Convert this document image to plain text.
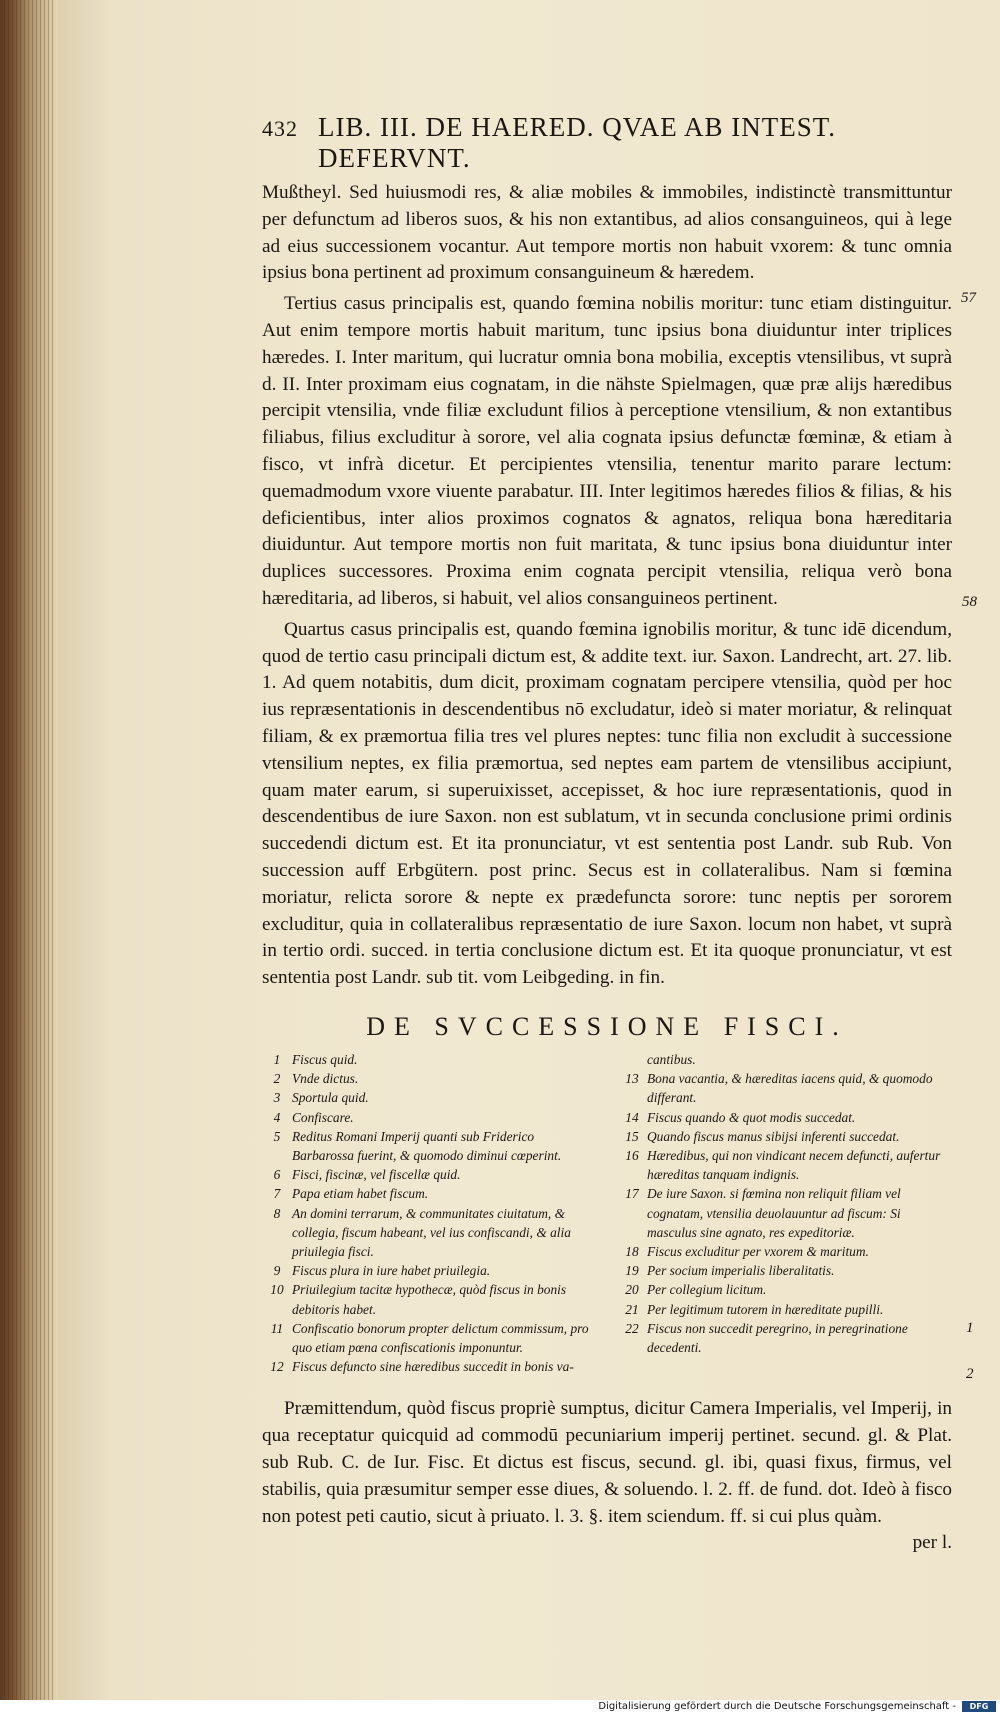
57
58
1
2
432 LIB. III. DE HAERED. QVAE AB INTEST. DEFERVNT.

Mußtheyl. Sed huiusmodi res, & aliæ mobiles & immobiles, indistinctè transmittuntur per defunctum ad liberos suos, & his non extantibus, ad alios consanguineos, qui à lege ad eius successionem vocantur. Aut tempore mortis non habuit vxorem: & tunc omnia ipsius bona pertinent ad proximum consanguineum & hæredem.

Tertius casus principalis est, quando fœmina nobilis moritur: tunc etiam distinguitur. Aut enim tempore mortis habuit maritum, tunc ipsius bona diuiduntur inter triplices hæredes. I. Inter maritum, qui lucratur omnia bona mobilia, exceptis vtensilibus, vt suprà d. II. Inter proximam eius cognatam, in die nähste Spielmagen, quæ præ alijs hæredibus percipit vtensilia, vnde filiæ excludunt filios à perceptione vtensilium, & non extantibus filiabus, filius excluditur à sorore, vel alia cognata ipsius defunctæ fœminæ, & etiam à fisco, vt infrà dicetur. Et percipientes vtensilia, tenentur marito parare lectum: quemadmodum vxore viuente parabatur. III. Inter legitimos hæredes filios & filias, & his deficientibus, inter alios proximos cognatos & agnatos, reliqua bona hæreditaria diuiduntur. Aut tempore mortis non fuit maritata, & tunc ipsius bona diuiduntur inter duplices successores. Proxima enim cognata percipit vtensilia, reliqua verò bona hæreditaria, ad liberos, si habuit, vel alios consanguineos pertinent.

Quartus casus principalis est, quando fœmina ignobilis moritur, & tunc idē dicendum, quod de tertio casu principali dictum est, & addite text. iur. Saxon. Landrecht, art. 27. lib. 1. Ad quem notabitis, dum dicit, proximam cognatam percipere vtensilia, quòd per hoc ius repræsentationis in descendentibus nō excludatur, ideò si mater moriatur, & relinquat filiam, & ex præmortua filia tres vel plures neptes: tunc filia non excludit à successione vtensilium neptes, ex filia præmortua, sed neptes eam partem de vtensilibus accipiunt, quam mater earum, si superuixisset, accepisset, & hoc iure repræsentationis, quod in descendentibus de iure Saxon. non est sublatum, vt in secunda conclusione primi ordinis succedendi dictum est. Et ita pronunciatur, vt est sententia post Landr. sub Rub. Von succession auff Erbgütern. post princ. Secus est in collateralibus. Nam si fœmina moriatur, relicta sorore & nepte ex prædefuncta sorore: tunc neptis per sororem excluditur, quia in collateralibus repræsentatio de iure Saxon. locum non habet, vt suprà in tertio ordi. succed. in tertia conclusione dictum est. Et ita quoque pronunciatur, vt est sententia post Landr. sub tit. vom Leibgeding. in fin.

DE SVCCESSIONE FISCI.
1 Fiscus quid.
2 Vnde dictus.
3 Sportula quid.
4 Confiscare.
5 Reditus Romani Imperij quanti sub Friderico Barbarossa fuerint, & quomodo diminui cœperint.
6 Fisci, fiscinæ, vel fiscellæ quid.
7 Papa etiam habet fiscum.
8 An domini terrarum, & communitates ciuitatum, & collegia, fiscum habeant, vel ius confiscandi, & alia priuilegia fisci.
9 Fiscus plura in iure habet priuilegia.
10 Priuilegium tacitæ hypothecæ, quòd fiscus in bonis debitoris habet.
11 Confiscatio bonorum propter delictum commissum, pro quo etiam pœna confiscationis imponuntur.
12 Fiscus defuncto sine hæredibus succedit in bonis va-
cantibus.
13 Bona vacantia, & hæreditas iacens quid, & quomodo differant.
14 Fiscus quando & quot modis succedat.
15 Quando fiscus manus sibijsi inferenti succedat.
16 Hæredibus, qui non vindicant necem defuncti, aufertur hæreditas tanquam indignis.
17 De iure Saxon. si fœmina non reliquit filiam vel cognatam, vtensilia deuolauuntur ad fiscum: Si masculus sine agnato, res expeditoriæ.
18 Fiscus excluditur per vxorem & maritum.
19 Per socium imperialis liberalitatis.
20 Per collegium licitum.
21 Per legitimum tutorem in hæreditate pupilli.
22 Fiscus non succedit peregrino, in peregrinatione decedenti.

Præmittendum, quòd fiscus propriè sumptus, dicitur Camera Imperialis, vel Imperij, in qua receptatur quicquid ad commodū pecuniarium imperij pertinet. secund. gl. & Plat. sub Rub. C. de Iur. Fisc. Et dictus est fiscus, secund. gl. ibi, quasi fixus, firmus, vel stabilis, quia præsumitur semper esse diues, & soluendo. l. 2. ff. de fund. dot. Ideò à fisco non potest peti cautio, sicut à priuato. l. 3. §. item sciendum. ff. si cui plus quàm.

per l.
Digitalisierung gefördert durch die Deutsche Forschungsgemeinschaft -	DFG
